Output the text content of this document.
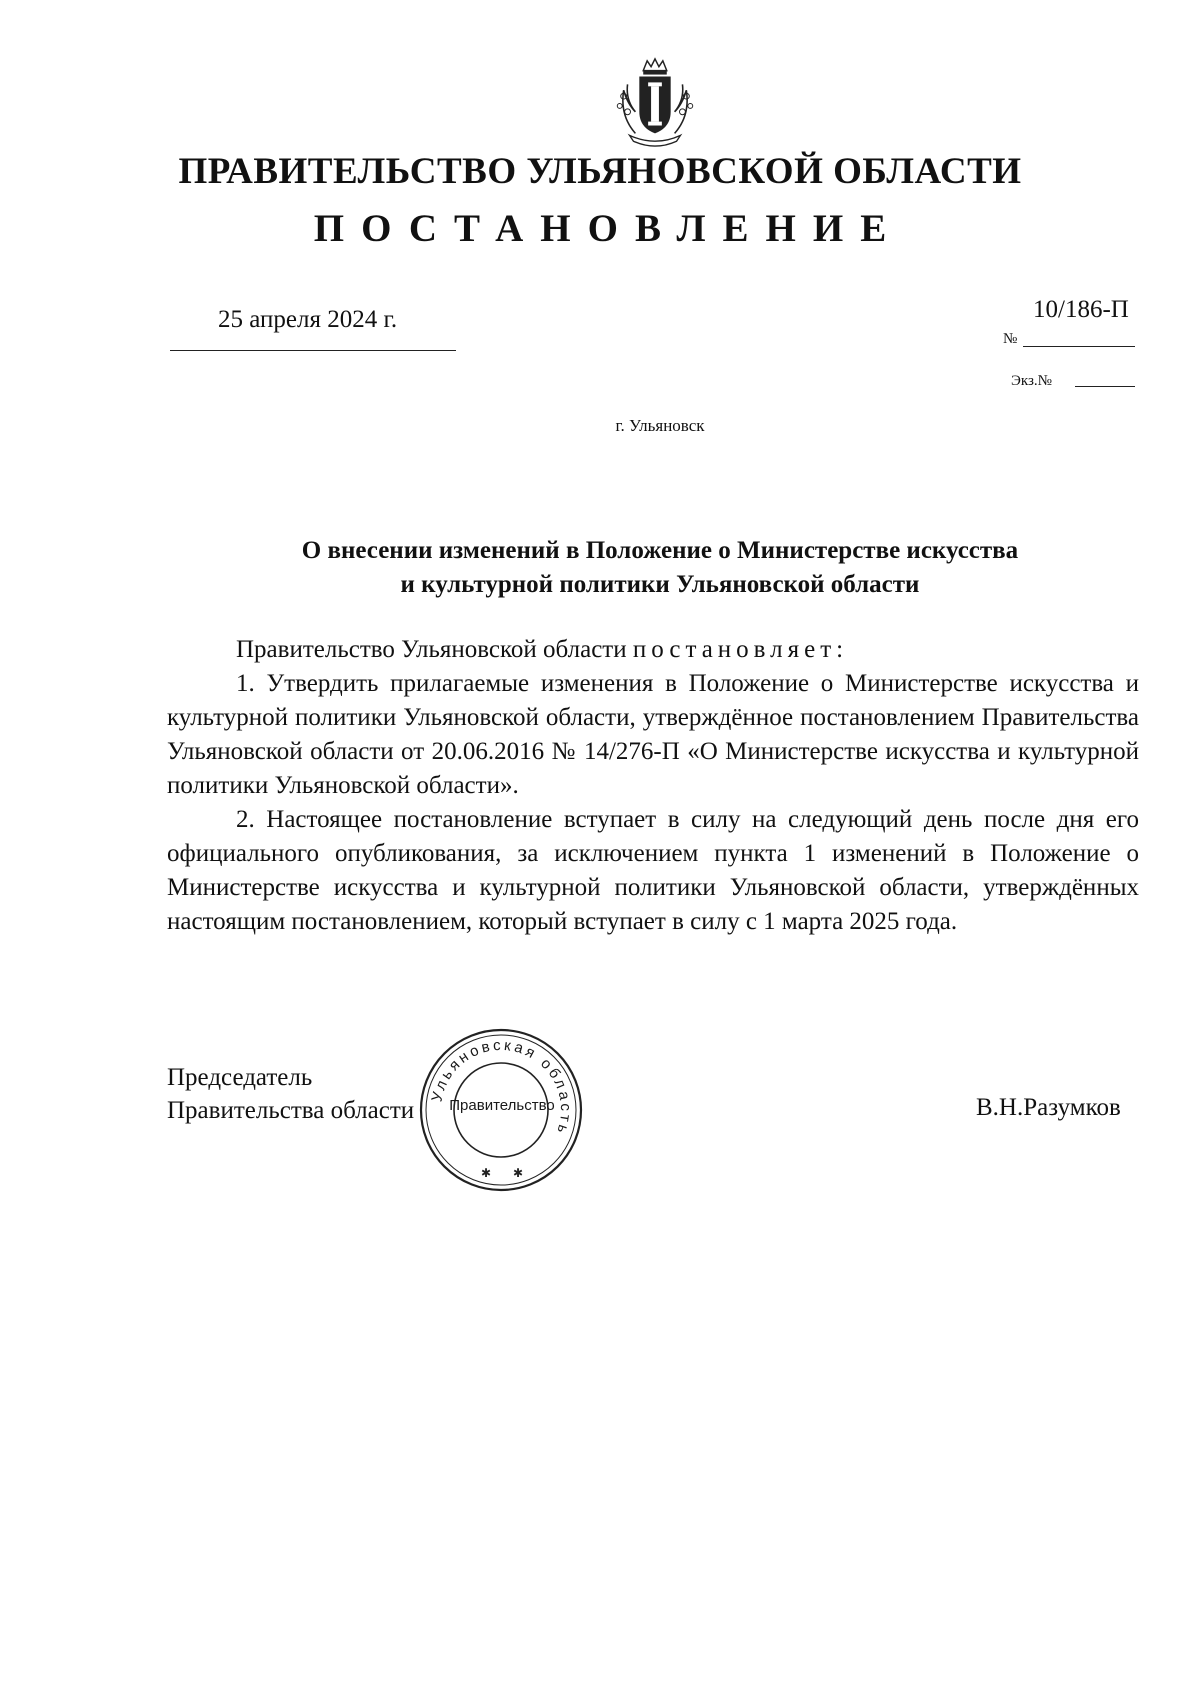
ПРАВИТЕЛЬСТВО УЛЬЯНОВСКОЙ ОБЛАСТИ
ПОСТАНОВЛЕНИЕ
25 апреля 2024 г.	10/186-П
№
Экз.№
г. Ульяновск
О внесении изменений в Положение о Министерстве искусства
и культурной политики Ульяновской области

Правительство Ульяновской области постановляет:

1. Утвердить прилагаемые изменения в Положение о Министерстве искусства и культурной политики Ульяновской области, утверждённое постановлением Правительства Ульяновской области от 20.06.2016 № 14/276-П «О Министерстве искусства и культурной политики Ульяновской области».

2. Настоящее постановление вступает в силу на следующий день после дня его официального опубликования, за исключением пункта 1 изменений в Положение о Министерстве искусства и культурной политики Ульяновской области, утверждённых настоящим постановлением, который вступает в силу с 1 марта 2025 года.

Председатель
Правительства области	В.Н.Разумков
Ульяновская область
✱ ✱
Правительство
